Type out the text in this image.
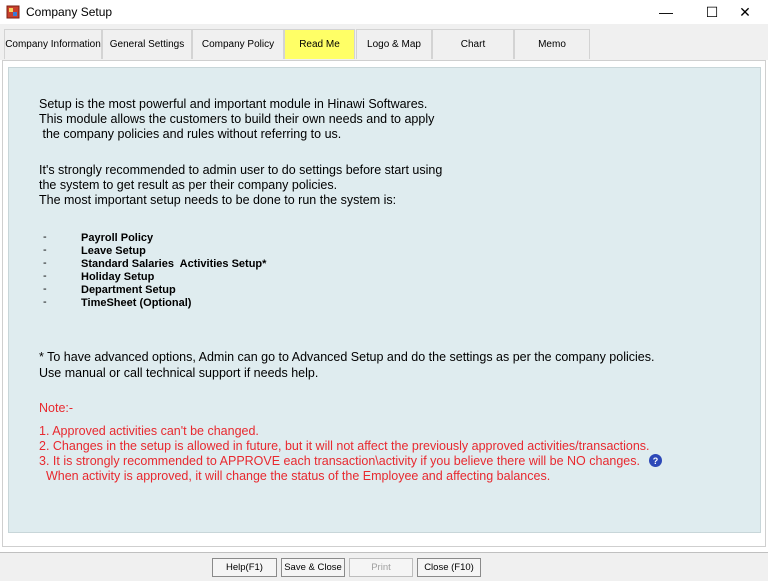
Company Setup	—	☐	✕
Company Information General Settings	Company Policy	Read Me	Logo & Map	Chart	Memo
Setup is the most powerful and important module in Hinawi Softwares.
This module allows the customers to build their own needs and to apply
the company policies and rules without referring to us.
It's strongly recommended to admin user to do settings before start using
the system to get result as per their company policies.
The most important setup needs to be done to run the system is:
-	Payroll Policy
-	Leave Setup
-	Standard Salaries  Activities Setup*
-	Holiday Setup
-	Department Setup
-	TimeSheet (Optional)
* To have advanced options, Admin can go to Advanced Setup and do the settings as per the company policies.
Use manual or call technical support if needs help.
Note:-
1. Approved activities can't be changed.
2. Changes in the setup is allowed in future, but it will not affect the previously approved activities/transactions.
3. It is strongly recommended to APPROVE each transaction\activity if you believe there will be NO changes.
When activity is approved, it will change the status of the Employee and affecting balances.
?
Help(F1)	Save & Close	Print	Close (F10)
